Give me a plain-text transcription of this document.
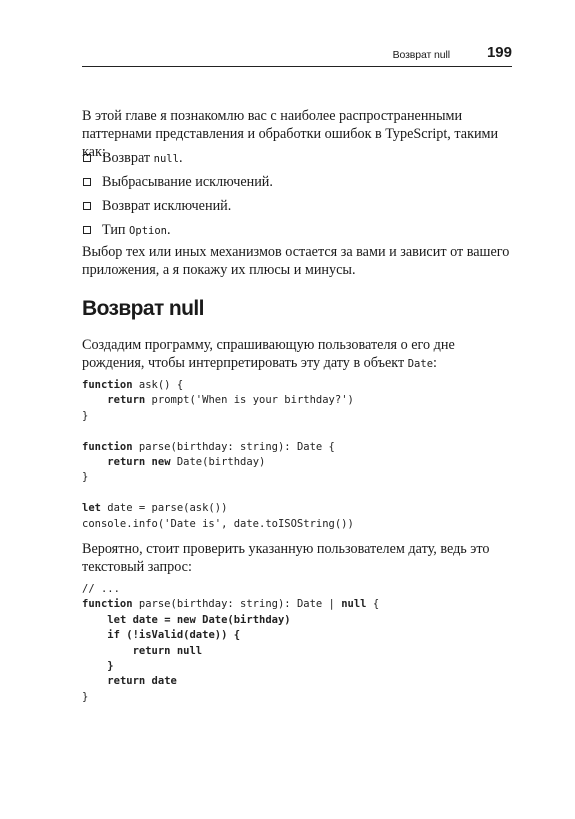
Возврат null 199

В этой главе я познакомлю вас с наиболее распространенными паттернами представления и обработки ошибок в TypeScript, такими как:

Возврат null.
Выбрасывание исключений.
Возврат исключений.
Тип Option.

Выбор тех или иных механизмов остается за вами и зависит от вашего приложения, а я покажу их плюсы и минусы.

Возврат null

Создадим программу, спрашивающую пользователя о его дне рождения, чтобы интерпретировать эту дату в объект Date:

function ask() {
return prompt('When is your birthday?')
}

function parse(birthday: string): Date {
return new Date(birthday)
}

let date = parse(ask())
console.info('Date is', date.toISOString())

Вероятно, стоит проверить указанную пользователем дату, ведь это текстовый запрос:

// ...
function parse(birthday: string): Date | null {
let date = new Date(birthday)
if (!isValid(date)) {
return null
}
return date
}
